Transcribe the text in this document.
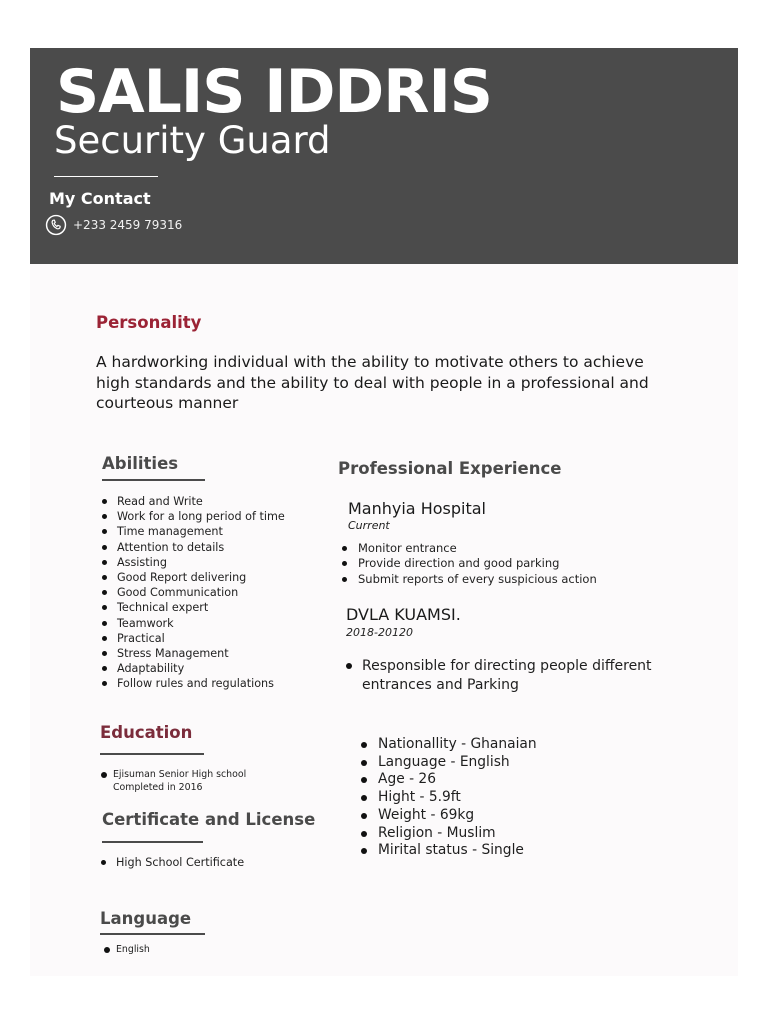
SALIS IDDRIS
Security Guard
My Contact
+233 2459 79316
Personality

A hardworking individual with the ability to motivate others to achieve high standards and the ability to deal with people in a professional and courteous manner

Abilities
Read and Write
Work for a long period of time
Time management
Attention to details
Assisting
Good Report delivering
Good Communication
Technical expert
Teamwork
Practical
Stress Management
Adaptability
Follow rules and regulations
Professional Experience
Manhyia Hospital
Current
Monitor entrance
Provide direction and good parking
Submit reports of every suspicious action
DVLA KUAMSI.
2018-20120
Responsible for directing people different entrances and Parking
Nationallity - Ghanaian
Language - English
Age - 26
Hight - 5.9ft
Weight - 69kg
Religion - Muslim
Mirital status - Single
Education
Ejisuman Senior High school
Completed in 2016
Certificate and License
High School Certificate
Language
English
